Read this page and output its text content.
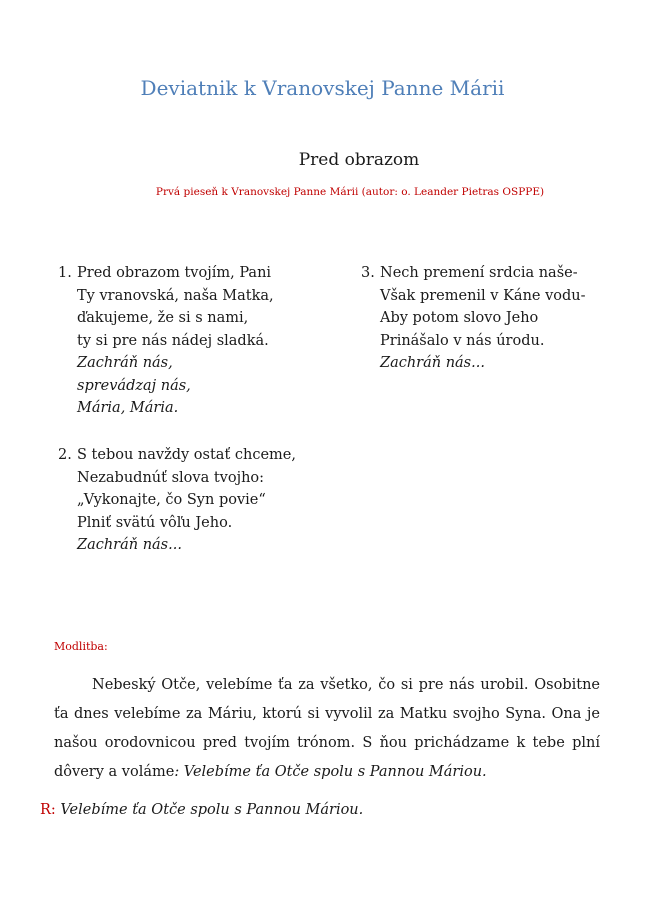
Deviatnik k Vranovskej Panne Márii
Pred obrazom
Prvá pieseň k Vranovskej Panne Márii (autor: o. Leander Pietras OSPPE)
1. Pred obrazom tvojím, Pani
Ty vranovská, naša Matka,
ďakujeme, že si s nami,
ty si pre nás nádej sladká.
Zachráň nás,
sprevádzaj nás,
Mária, Mária.
2. S tebou navždy ostať chceme,
Nezabudnúť slova tvojho:
„Vykonajte, čo Syn povie“
Plniť svätú vôľu Jeho.
Zachráň nás...
3. Nech premení srdcia naše-
Však premenil v Káne vodu-
Aby potom slovo Jeho
Prinášalo v nás úrodu.
Zachráň nás...
Modlitba:

Nebeský Otče, velebíme ťa za všetko, čo si pre nás urobil. Osobitne ťa dnes velebíme za Máriu, ktorú si vyvolil za Matku svojho Syna. Ona je našou orodovnicou pred tvojím trónom. S ňou prichádzame k tebe plní dôvery a voláme: Velebíme ťa Otče spolu s Pannou Máriou.

R: Velebíme ťa Otče spolu s Pannou Máriou.
